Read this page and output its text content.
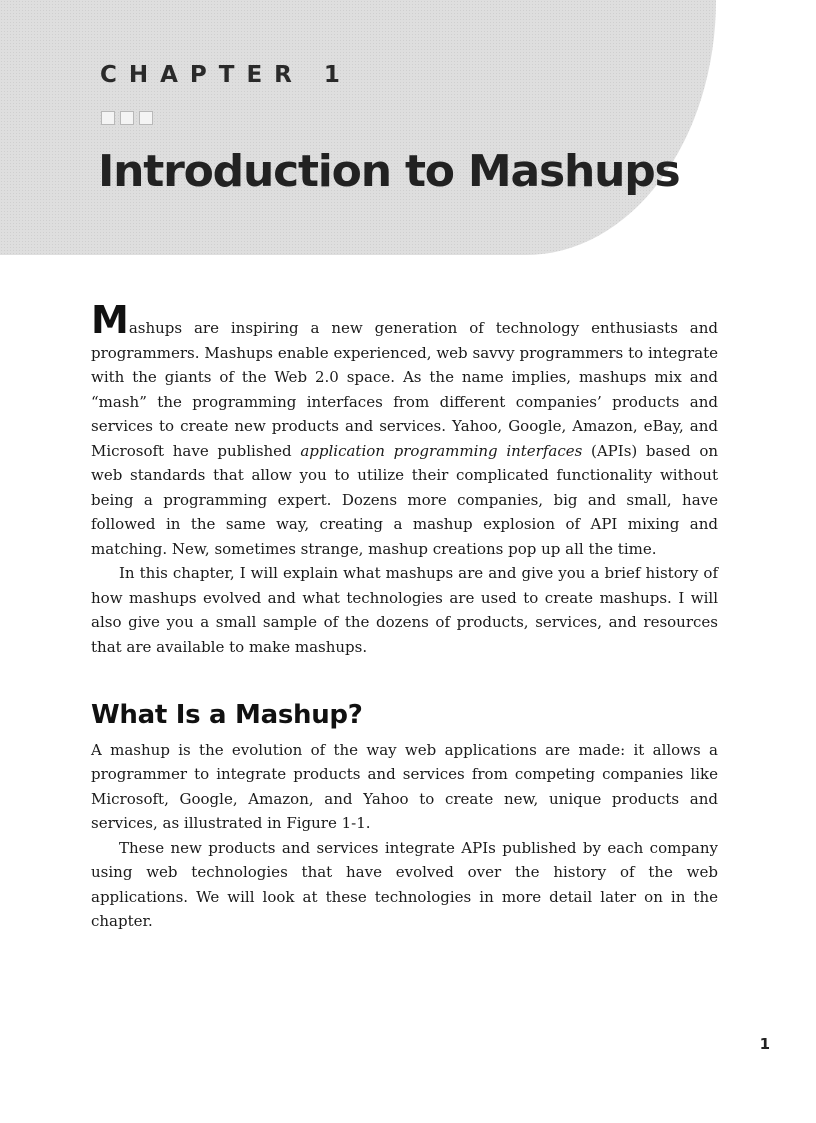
CHAPTER 1
Introduction to Mashups

Mashups are inspiring a new generation of technology enthusiasts and programmers. Mashups enable experienced, web savvy programmers to integrate with the giants of the Web 2.0 space. As the name implies, mashups mix and “mash” the programming interfaces from different companies’ products and services to create new products and services. Yahoo, Google, Amazon, eBay, and Microsoft have published application programming interfaces (APIs) based on web standards that allow you to utilize their complicated functionality without being a programming expert. Dozens more companies, big and small, have followed in the same way, creating a mashup explosion of API mixing and matching. New, sometimes strange, mashup creations pop up all the time.

In this chapter, I will explain what mashups are and give you a brief history of how mashups evolved and what technologies are used to create mashups. I will also give you a small sample of the dozens of products, services, and resources that are available to make mashups.

What Is a Mashup?

A mashup is the evolution of the way web applications are made: it allows a programmer to integrate products and services from competing companies like Microsoft, Google, Amazon, and Yahoo to create new, unique products and services, as illustrated in Figure 1-1.

These new products and services integrate APIs published by each company using web technologies that have evolved over the history of the web applications. We will look at these technologies in more detail later on in the chapter.

1
